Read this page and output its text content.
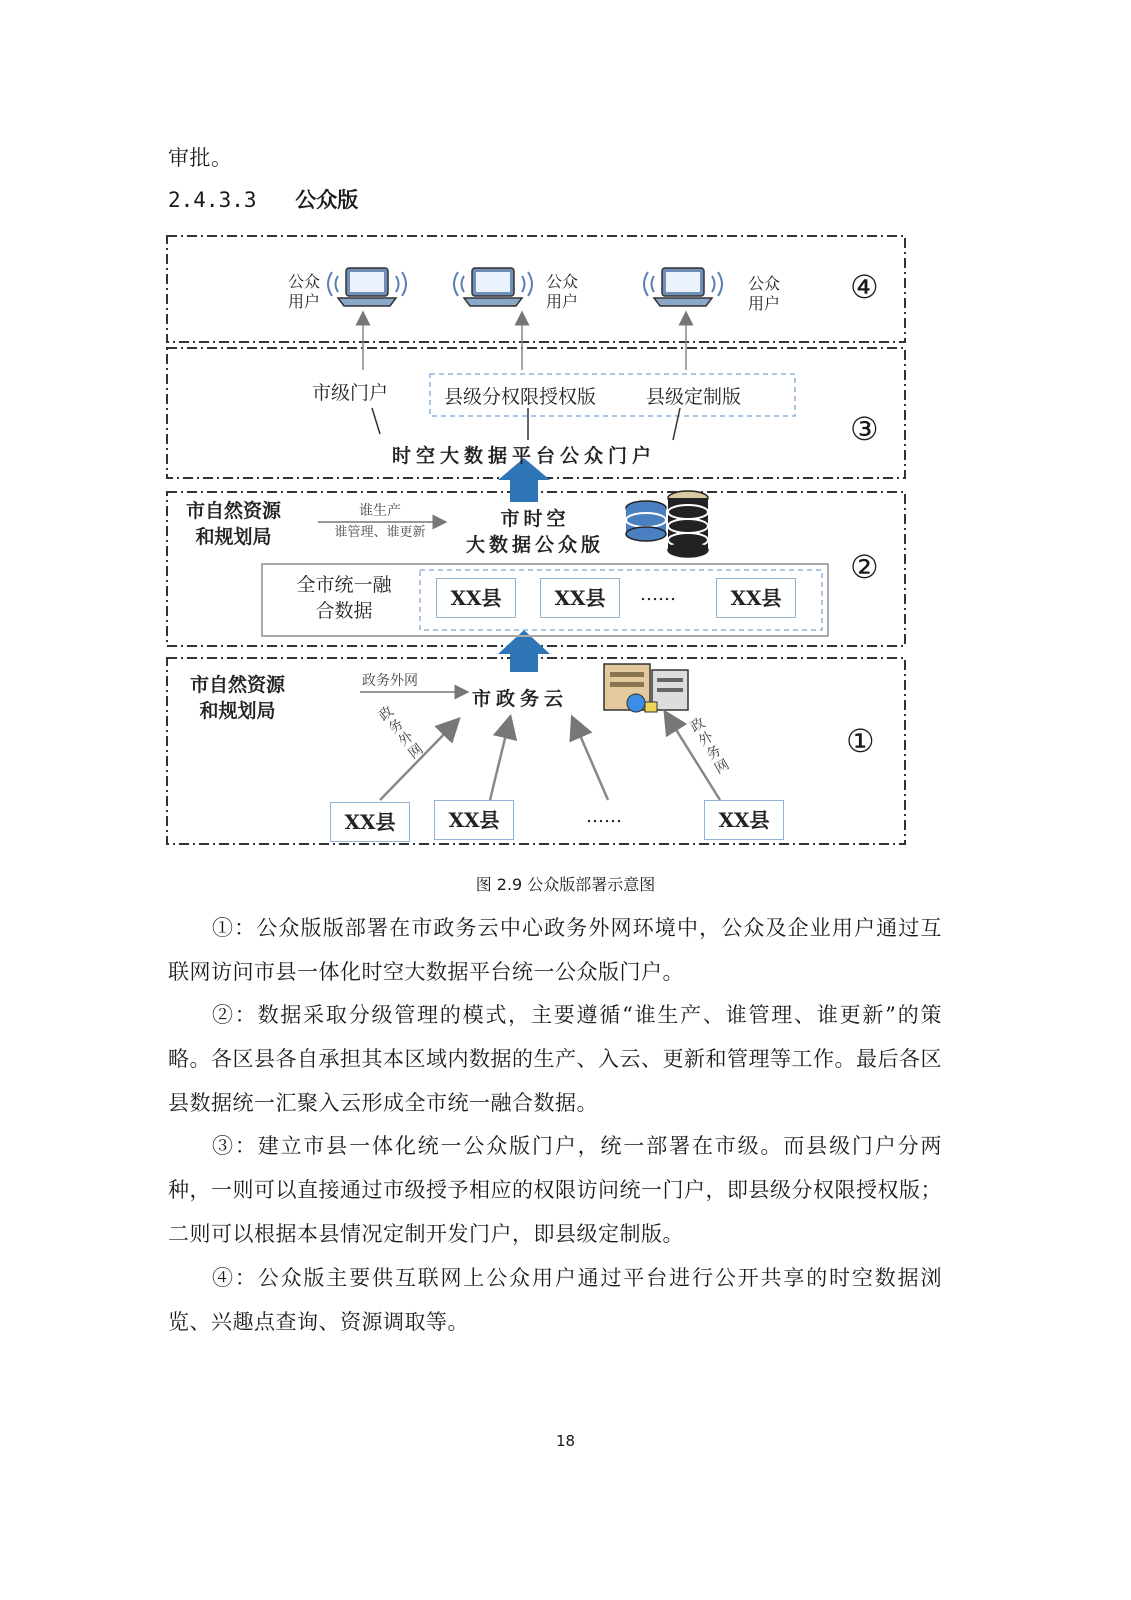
审批。
2.4.3.3 公众版
公众
用户
公众
用户
公众
用户 ④
市级门户	县级分权限授权版	县级定制版
时空大数据平台公众门户
③
市自然资源
和规划局
谁生产
谁管理、谁更新
市时空
大数据公众版
全市统一融
合数据
XX县	XX县	……	XX县
②
市自然资源
和规划局
政务外网
市政务云
政务外网
政外务网
XX县	XX县	……	XX县
①
图 2.9 公众版部署示意图
①：公众版版部署在市政务云中心政务外网环境中，公众及企业用户通过互联网访问市县一体化时空大数据平台统一公众版门户。
②：数据采取分级管理的模式，主要遵循“谁生产、谁管理、谁更新”的策略。各区县各自承担其本区域内数据的生产、入云、更新和管理等工作。最后各区县数据统一汇聚入云形成全市统一融合数据。
③：建立市县一体化统一公众版门户，统一部署在市级。而县级门户分两种，一则可以直接通过市级授予相应的权限访问统一门户，即县级分权限授权版；二则可以根据本县情况定制开发门户，即县级定制版。
④：公众版主要供互联网上公众用户通过平台进行公开共享的时空数据浏览、兴趣点查询、资源调取等。
18
